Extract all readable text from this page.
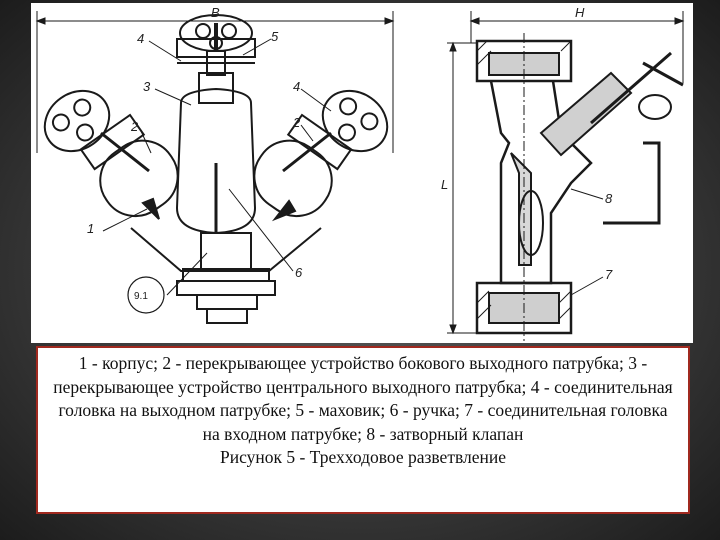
B
4	5
3
2
4
2
1
6
9.1
H
L
8
7

1 - корпус; 2 - перекрывающее устройство бокового выходного патрубка; 3 - перекрывающее устройство центрального выходного патрубка; 4 - соединительная головка на выходном патрубке; 5 - маховик; 6 - ручка; 7 - соединительная головка на входном патрубке; 8 - затворный клапан

Рисунок 5 - Трехходовое разветвление
